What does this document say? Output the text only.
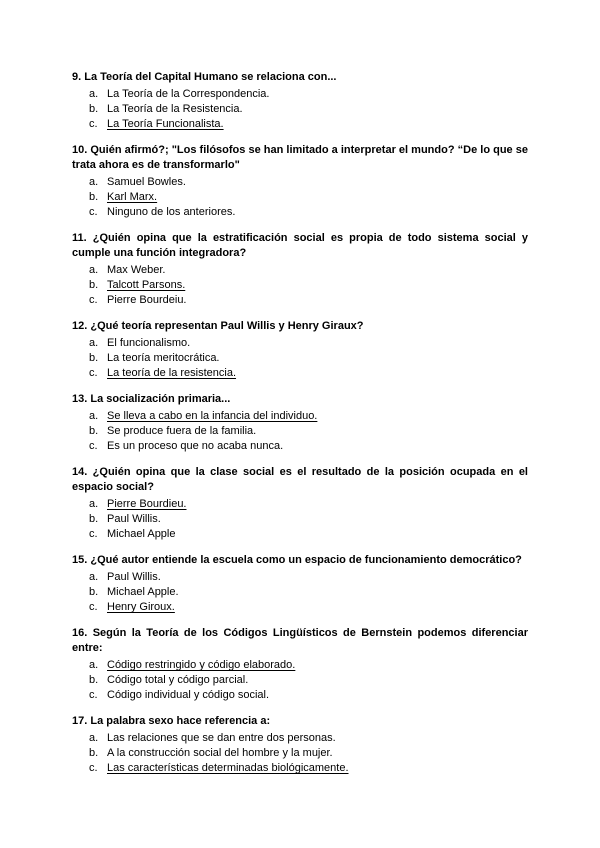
9. La Teoría del Capital Humano se relaciona con...

a. La Teoría de la Correspondencia.
b. La Teoría de la Resistencia.
c. La Teoría Funcionalista.

10. Quién afirmó?; "Los filósofos se han limitado a interpretar el mundo? “De lo que se trata ahora es de transformarlo"

a. Samuel Bowles.
b. Karl Marx.
c. Ninguno de los anteriores.

11. ¿Quién opina que la estratificación social es propia de todo sistema social y cumple una función integradora?

a. Max Weber.
b. Talcott Parsons.
c. Pierre Bourdeiu.

12. ¿Qué teoría representan Paul Willis y Henry Giraux?

a. El funcionalismo.
b. La teoría meritocrática.
c. La teoría de la resistencia.

13. La socialización primaria...

a. Se lleva a cabo en la infancia del individuo.
b. Se produce fuera de la familia.
c. Es un proceso que no acaba nunca.

14. ¿Quién opina que la clase social es el resultado de la posición ocupada en el espacio social?

a. Pierre Bourdieu.
b. Paul Willis.
c. Michael Apple

15. ¿Qué autor entiende la escuela como un espacio de funcionamiento democrático?

a. Paul Willis.
b. Michael Apple.
c. Henry Giroux.

16. Según la Teoría de los Códigos Lingüísticos de Bernstein podemos diferenciar entre:

a. Código restringido y código elaborado.
b. Código total y código parcial.
c. Código individual y código social.

17. La palabra sexo hace referencia a:

a. Las relaciones que se dan entre dos personas.
b. A la construcción social del hombre y la mujer.
c. Las características determinadas biológicamente.
